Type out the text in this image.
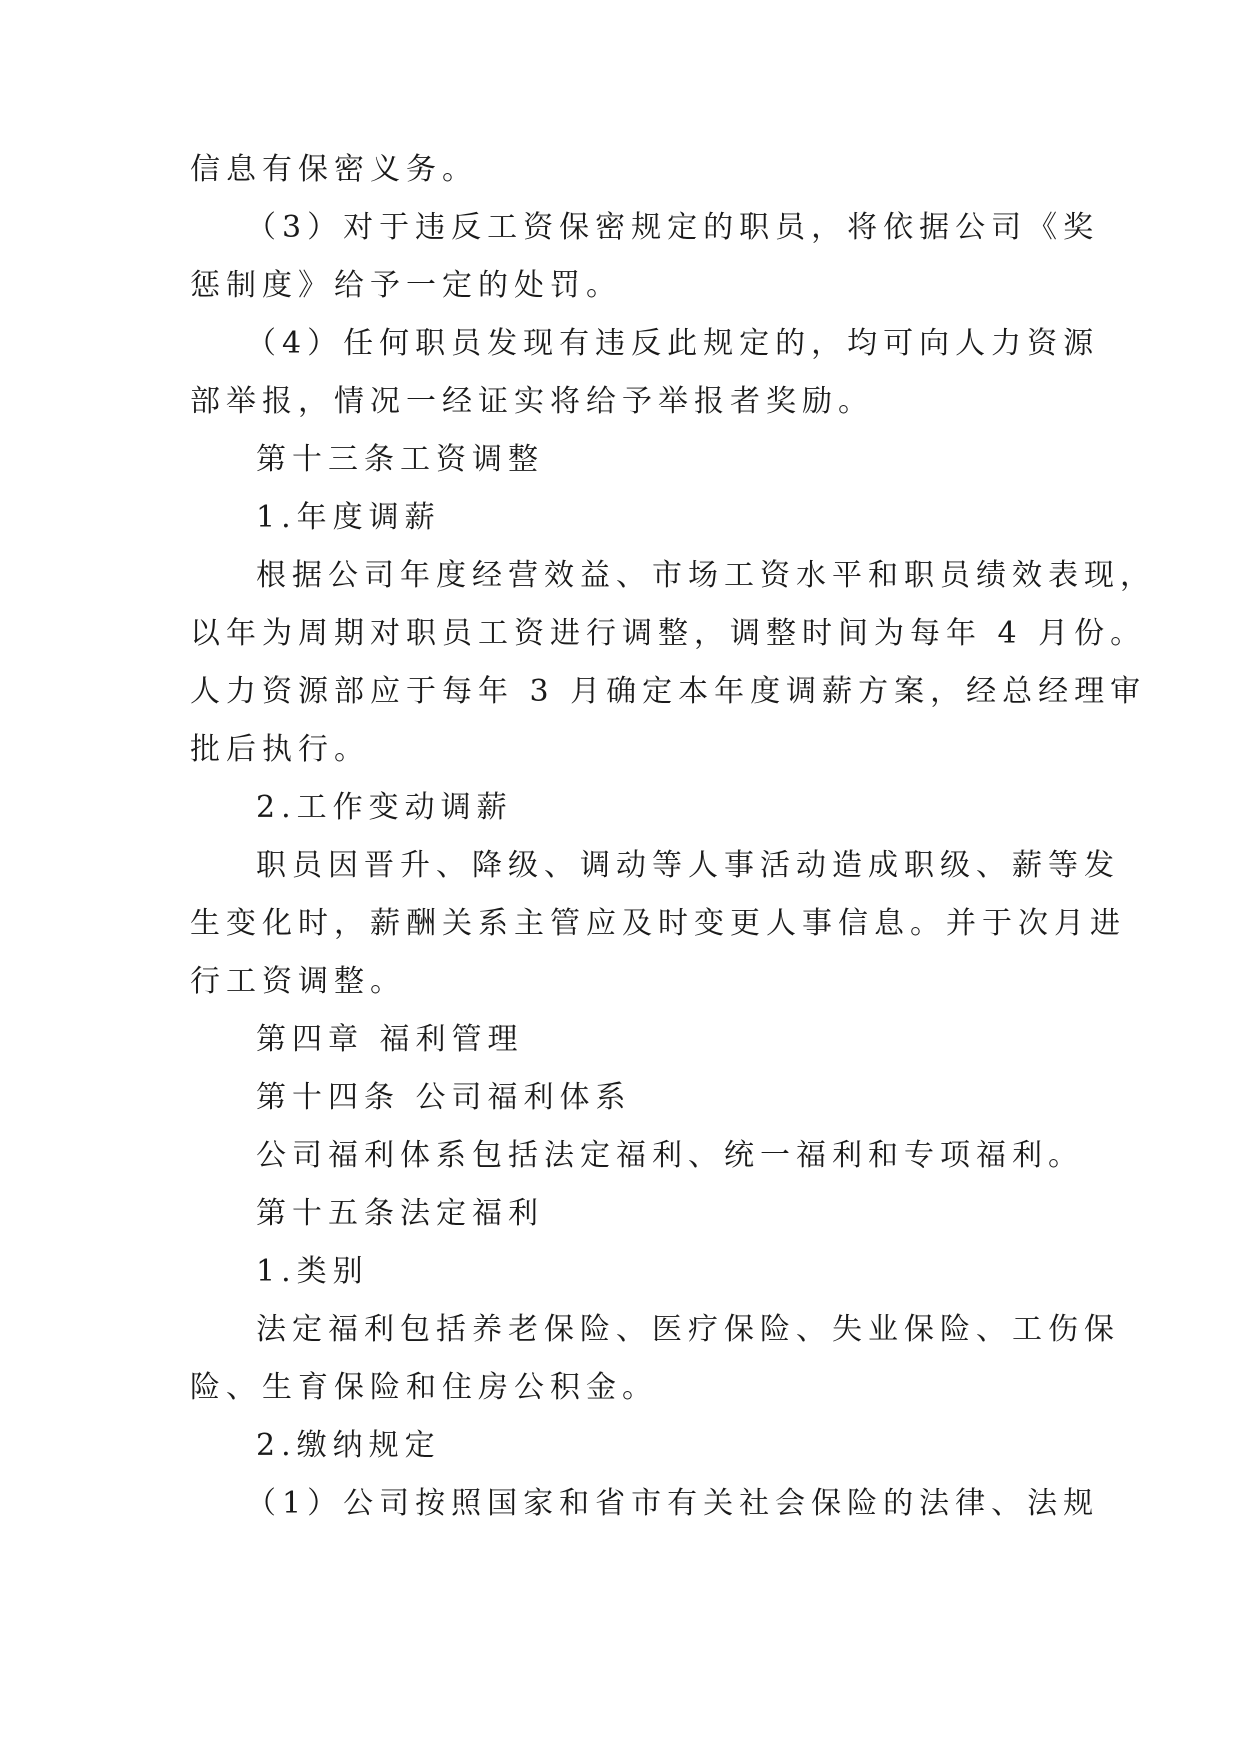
信息有保密义务。
（3）对于违反工资保密规定的职员，将依据公司《奖
惩制度》给予一定的处罚。
（4）任何职员发现有违反此规定的，均可向人力资源
部举报，情况一经证实将给予举报者奖励。
第十三条工资调整
1.年度调薪
根据公司年度经营效益、市场工资水平和职员绩效表现，
以年为周期对职员工资进行调整，调整时间为每年 4 月份。
人力资源部应于每年 3 月确定本年度调薪方案，经总经理审
批后执行。
2.工作变动调薪
职员因晋升、降级、调动等人事活动造成职级、薪等发
生变化时，薪酬关系主管应及时变更人事信息。并于次月进
行工资调整。
第四章 福利管理
第十四条 公司福利体系
公司福利体系包括法定福利、统一福利和专项福利。
第十五条法定福利
1.类别
法定福利包括养老保险、医疗保险、失业保险、工伤保
险、生育保险和住房公积金。
2.缴纳规定
（1）公司按照国家和省市有关社会保险的法律、法规
